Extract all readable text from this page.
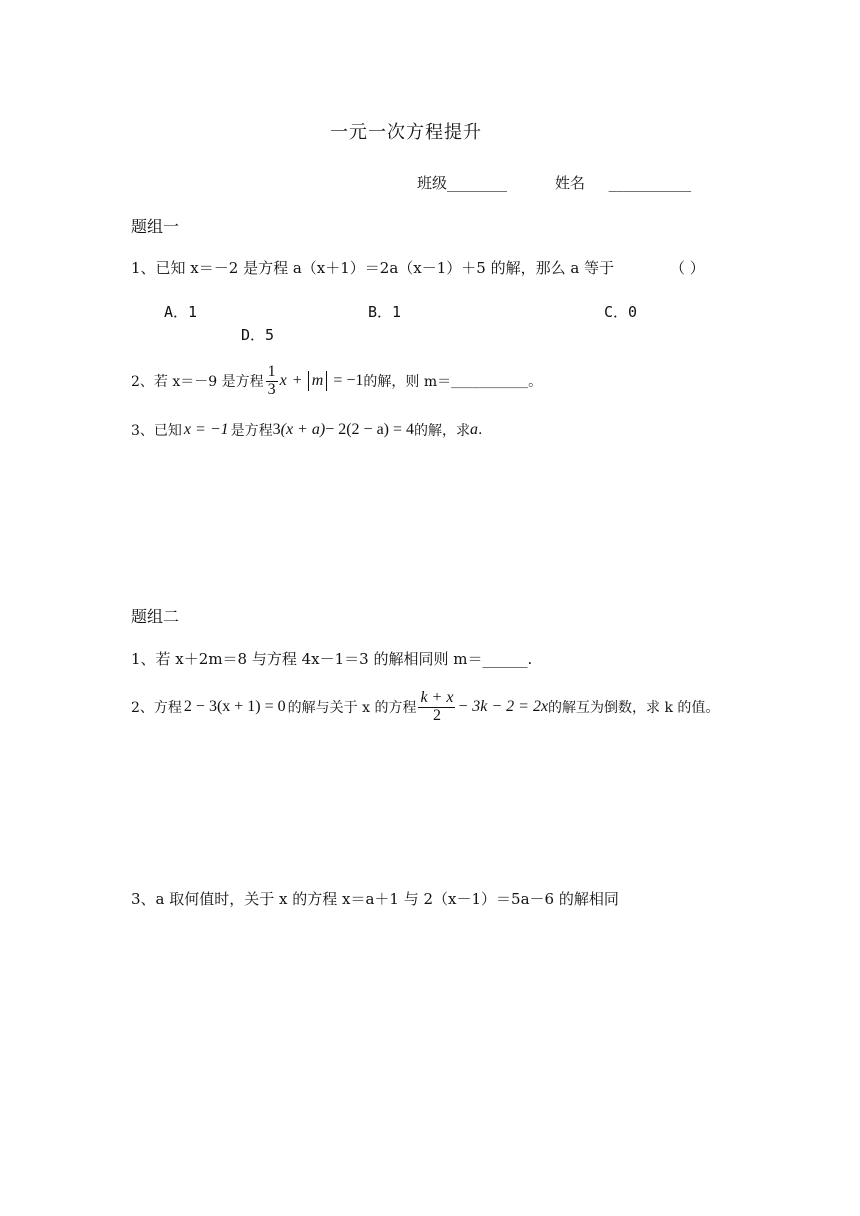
一元一次方程提升
班级________	姓名 ___________
题组一
1、已知 x＝－2 是方程 a（x＋1）＝2a（x－1）＋5 的解，那么 a 等于	（ ）
A．1	B．1	C．0
D．5
2、若 x＝－9 是方程 $\frac{1}{3}$ x + m = −1 的解，则 m＝ ___________ 。
3、已知 x = −1 是方程 3 (x + a) − 2(2 − a) = 4 的解，求 a .
题组二
1、若 x＋2m＝8 与方程 4x－1＝3 的解相同则 m＝______.
2、方程 2 − 3(x + 1) = 0 的解与关于 x 的方程 $\frac{k + x}{2} - 3k - 2 = 2x$ 的解互为倒数，求 k 的值。
3、a 取何值时，关于 x 的方程 x＝a＋1 与 2（x－1）＝5a－6 的解相同
